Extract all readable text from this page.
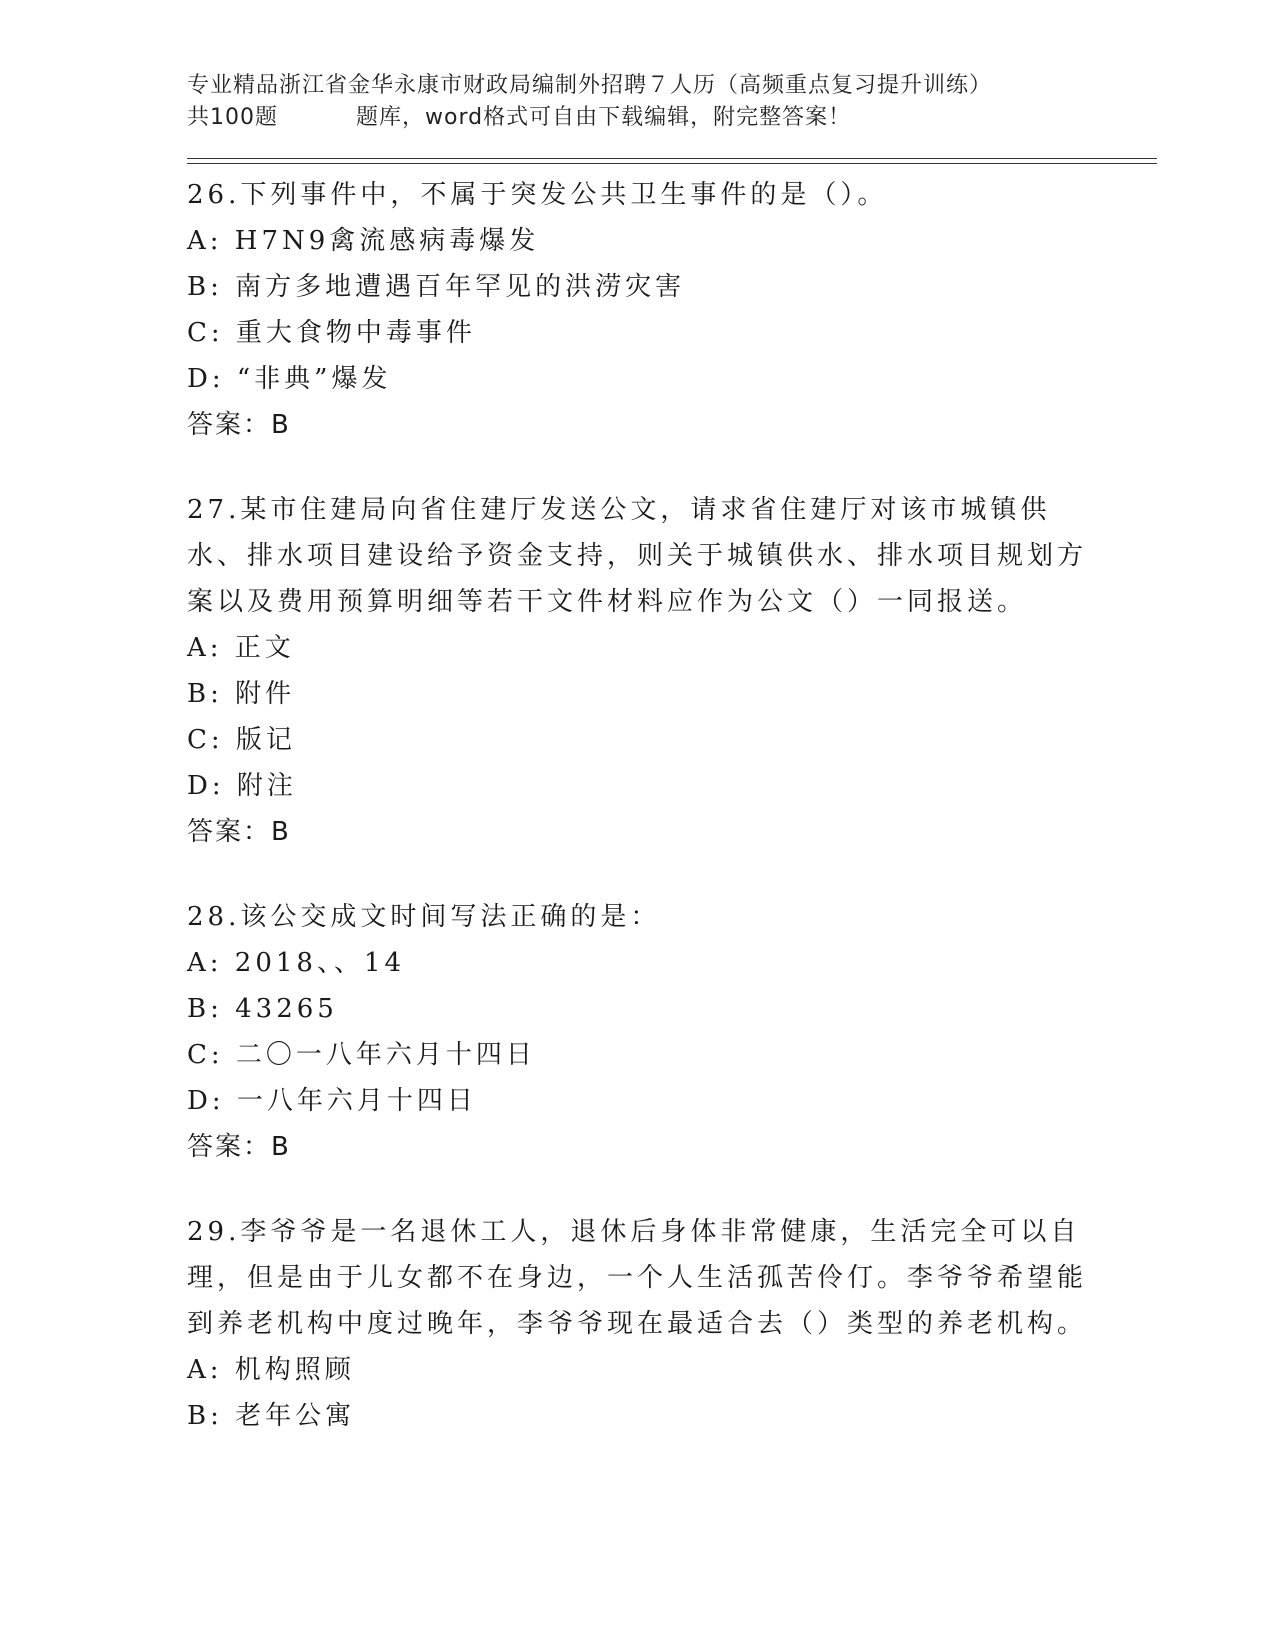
专业精品浙江省金华永康市财政局编制外招聘７人历（高频重点复习提升训练）
共100题	题库，word格式可自由下载编辑，附完整答案！

26.下列事件中，不属于突发公共卫生事件的是（）。

A: H7N9禽流感病毒爆发

B: 南方多地遭遇百年罕见的洪涝灾害

C: 重大食物中毒事件

D: “非典”爆发

答案：B

27.某市住建局向省住建厅发送公文，请求省住建厅对该市城镇供水、排水项目建设给予资金支持，则关于城镇供水、排水项目规划方案以及费用预算明细等若干文件材料应作为公文（）一同报送。

A: 正文

B: 附件

C: 版记

D: 附注

答案：B

28.该公交成文时间写法正确的是：

A: 2018、、14

B: 43265

C: 二〇一八年六月十四日

D: 一八年六月十四日

答案：B

29.李爷爷是一名退休工人，退休后身体非常健康，生活完全可以自理，但是由于儿女都不在身边，一个人生活孤苦伶仃。李爷爷希望能到养老机构中度过晚年，李爷爷现在最适合去（）类型的养老机构。

A: 机构照顾

B: 老年公寓
